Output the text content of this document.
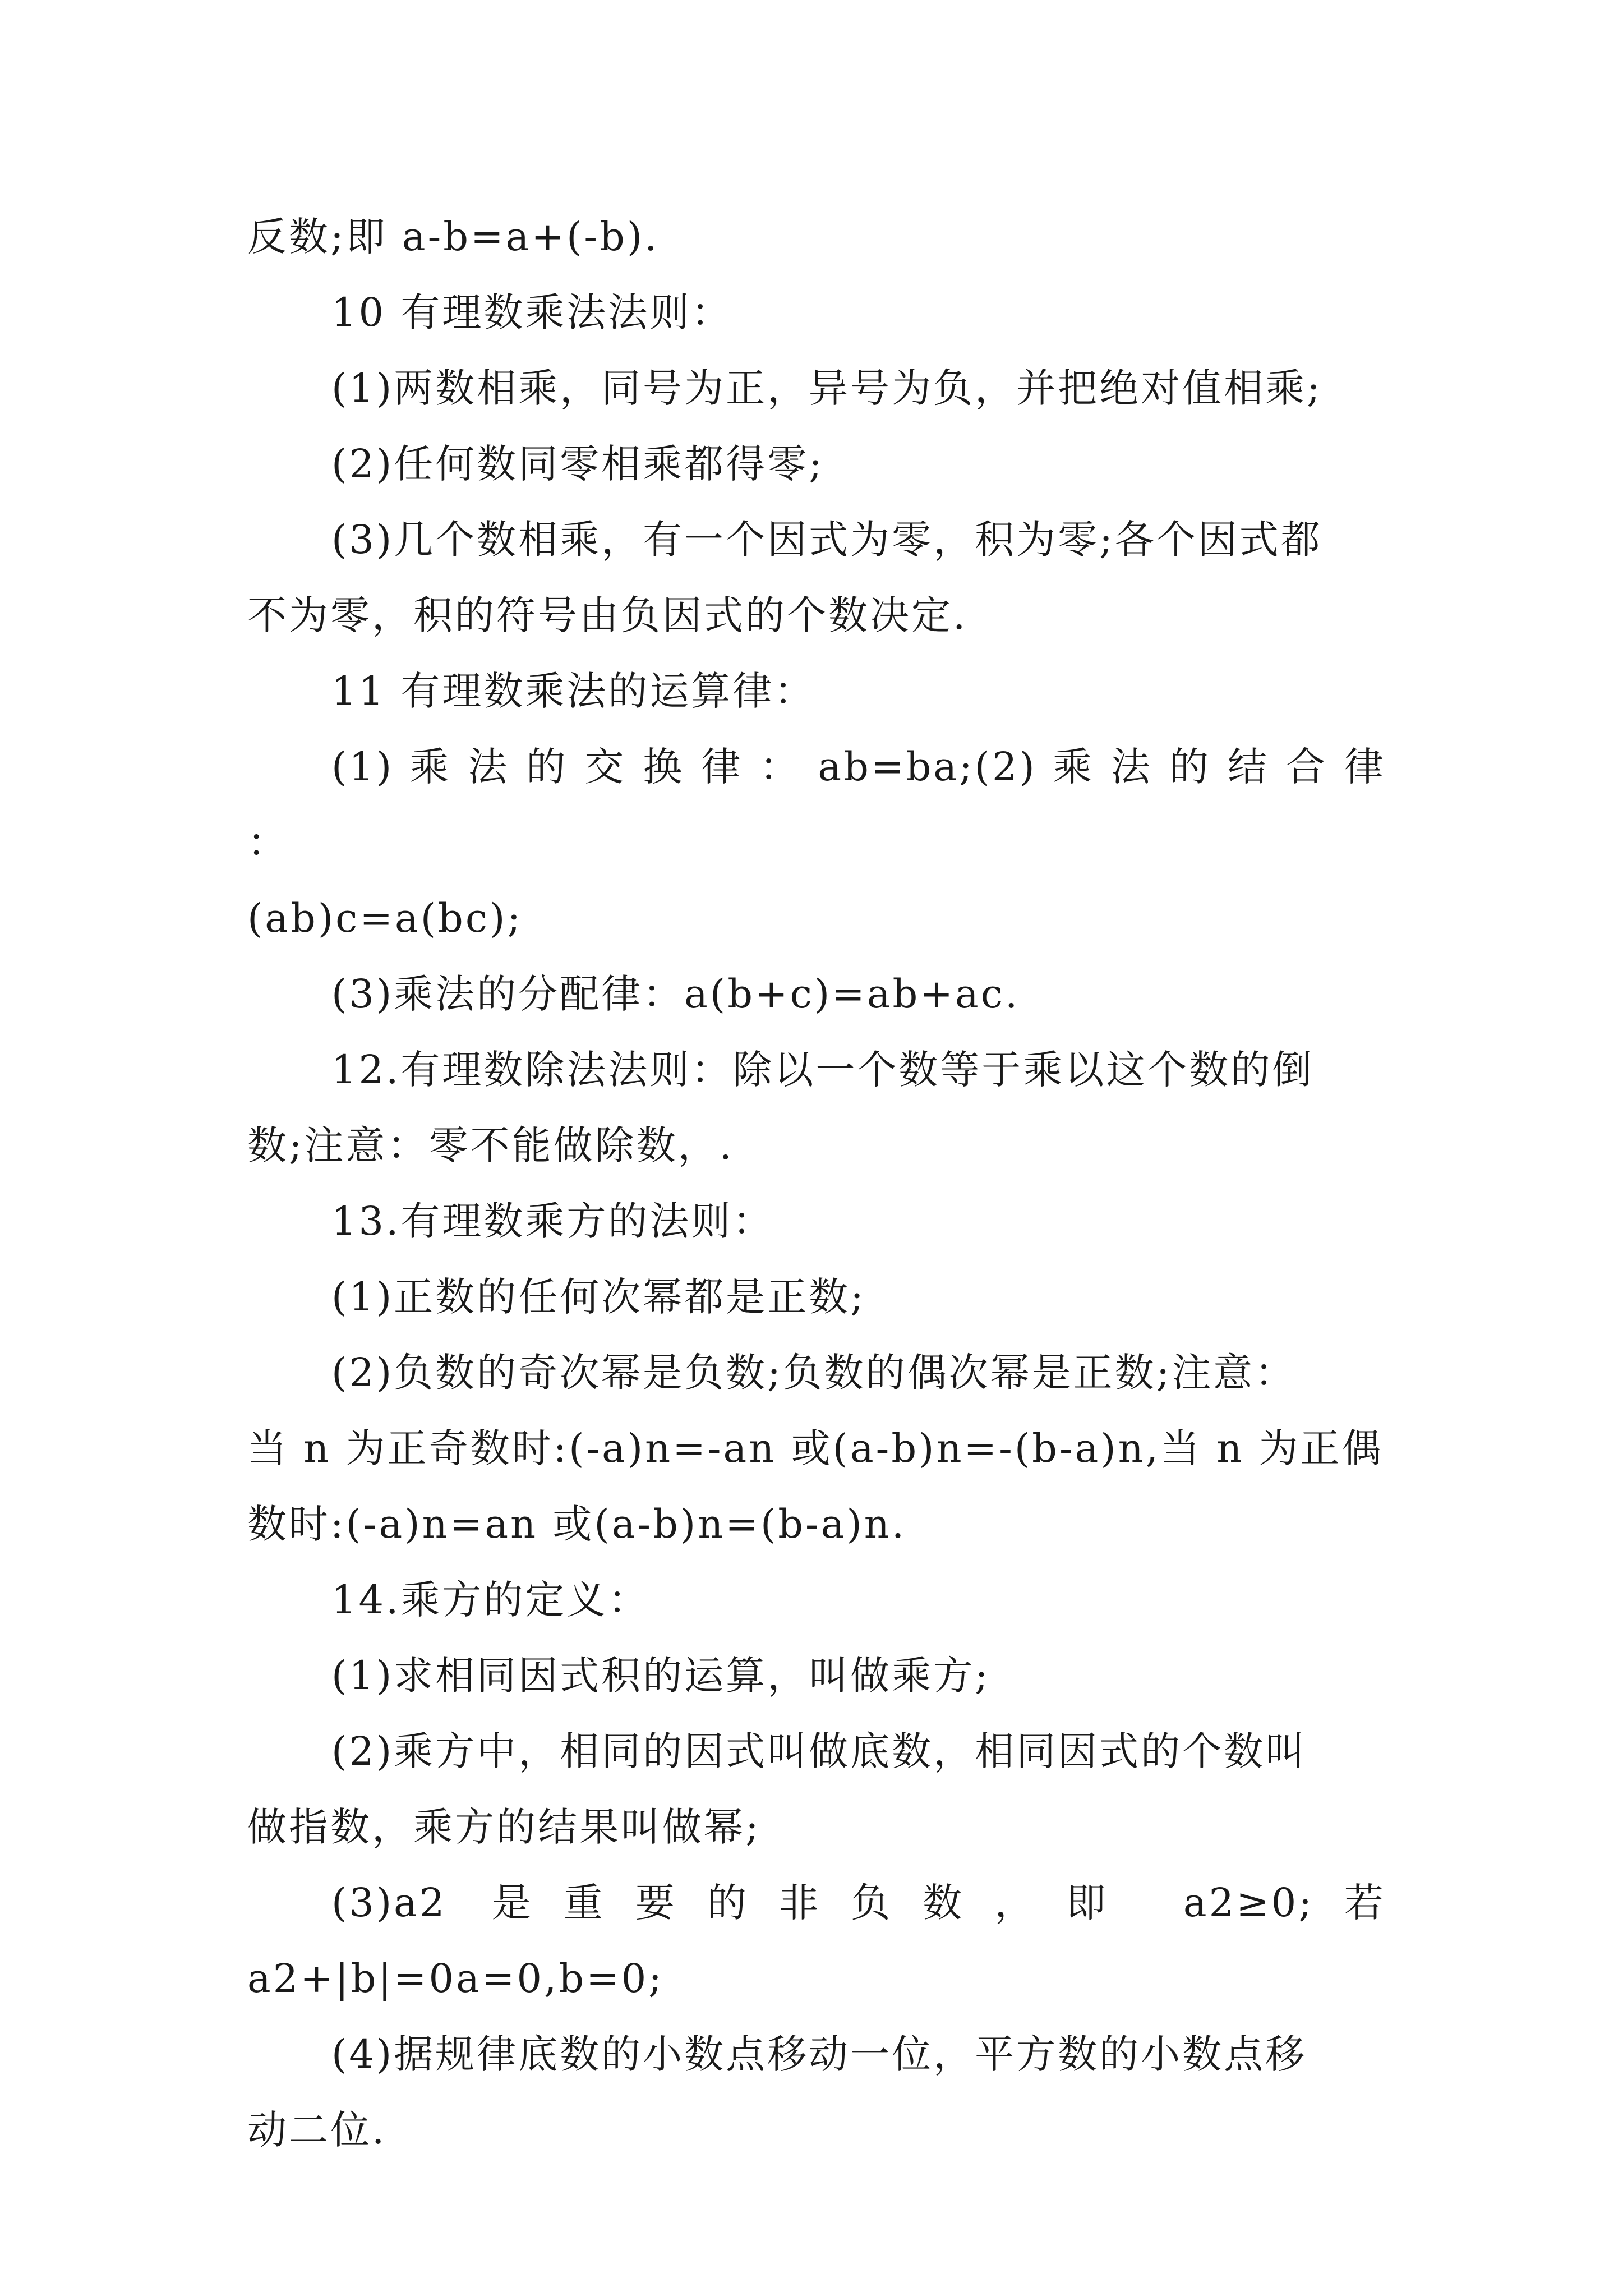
反数;即 a-b=a+(-b).

10 有理数乘法法则：

(1)两数相乘，同号为正，异号为负，并把绝对值相乘;

(2)任何数同零相乘都得零;

(3)几个数相乘，有一个因式为零，积为零;各个因式都

不为零，积的符号由负因式的个数决定.

11 有理数乘法的运算律：

(1) 乘 法 的 交 换 律 ： ab=ba;(2) 乘 法 的 结 合 律 ：

(ab)c=a(bc);

(3)乘法的分配律：a(b+c)=ab+ac.

12.有理数除法法则：除以一个数等于乘以这个数的倒

数;注意：零不能做除数，.

13.有理数乘方的法则：

(1)正数的任何次幂都是正数;

(2)负数的奇次幂是负数;负数的偶次幂是正数;注意：

当 n 为正奇数时:(-a)n=-an 或(a-b)n=-(b-a)n,当 n 为正偶

数时:(-a)n=an 或(a-b)n=(b-a)n.

14.乘方的定义：

(1)求相同因式积的运算，叫做乘方;

(2)乘方中，相同的因式叫做底数，相同因式的个数叫

做指数，乘方的结果叫做幂;

(3)a2 是重要的非负数，即 a2≥0;若 a2+|b|=0a=0,b=0;

(4)据规律底数的小数点移动一位，平方数的小数点移

动二位.
